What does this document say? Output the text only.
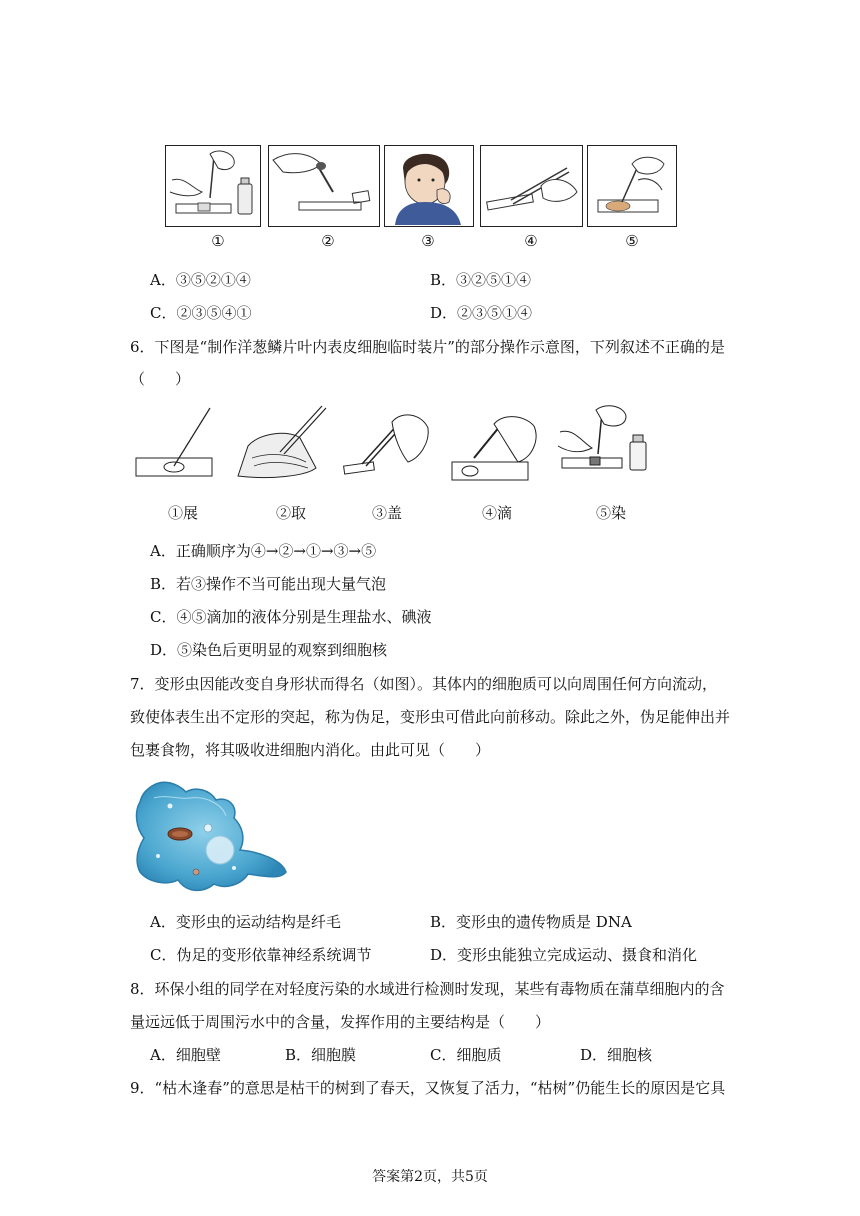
①	②	③	④	⑤
A．③⑤②①④	B．③②⑤①④
C．②③⑤④①	D．②③⑤①④
6．下图是“制作洋葱鳞片叶内表皮细胞临时装片”的部分操作示意图，下列叙述不正确的是
（　　）
①展	②取	③盖	④滴	⑤染
A．正确顺序为④→②→①→③→⑤
B．若③操作不当可能出现大量气泡
C．④⑤滴加的液体分别是生理盐水、碘液
D．⑤染色后更明显的观察到细胞核
7．变形虫因能改变自身形状而得名（如图）。其体内的细胞质可以向周围任何方向流动，
致使体表生出不定形的突起，称为伪足，变形虫可借此向前移动。除此之外，伪足能伸出并
包裹食物，将其吸收进细胞内消化。由此可见（　　）
A．变形虫的运动结构是纤毛	B．变形虫的遗传物质是 DNA
C．伪足的变形依靠神经系统调节	D．变形虫能独立完成运动、摄食和消化
8．环保小组的同学在对轻度污染的水域进行检测时发现，某些有毒物质在蒲草细胞内的含
量远远低于周围污水中的含量，发挥作用的主要结构是（　　）
A．细胞壁	B．细胞膜	C．细胞质	D．细胞核
9．“枯木逢春”的意思是枯干的树到了春天，又恢复了活力，“枯树”仍能生长的原因是它具
答案第2页，共5页
